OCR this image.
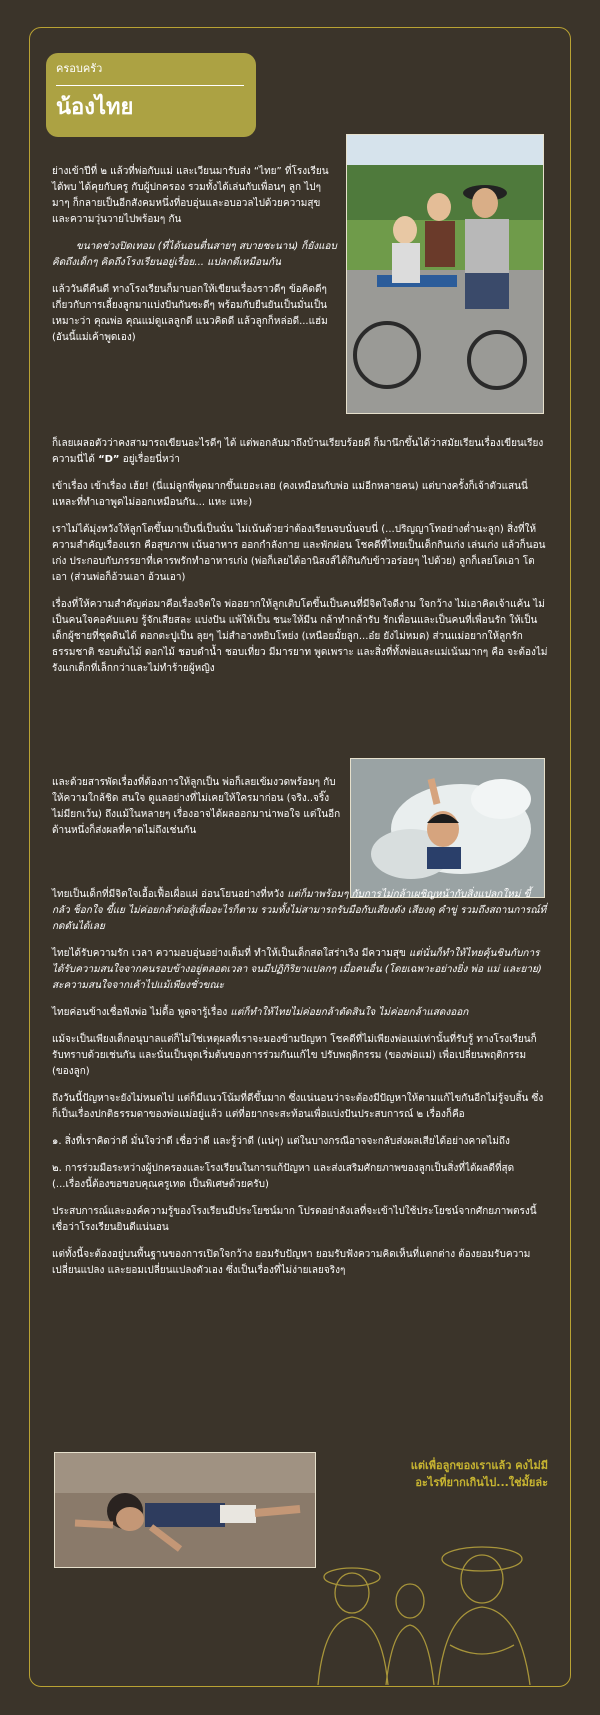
ครอบครัว
น้องไทย

ย่างเข้าปีที่ ๒ แล้วที่พ่อกับแม่ และเวียนมารับส่ง “ไทย” ที่โรงเรียน ได้พบ ได้คุยกับครู กับผู้ปกครอง รวมทั้งได้เล่นกับเพื่อนๆ ลูก ไปๆ มาๆ ก็กลายเป็นอีกสังคมหนึ่งที่อบอุ่นและอบอวลไปด้วยความสุข และความวุ่นวายไปพร้อมๆ กัน

ขนาดช่วงปิดเทอม (ที่ได้นอนตื่นสายๆ สบายชะนาน) ก็ยังแอบคิดถึงเด็กๆ คิดถึงโรงเรียนอยู่เรื่อย... แปลกดีเหมือนกัน

แล้ววันดีคืนดี ทางโรงเรียนก็มาบอกให้เขียนเรื่องราวดีๆ ข้อคิดดีๆ เกี่ยวกับการเลี้ยงลูกมาแบ่งปันกันซะดีๆ พร้อมกับยืนยันเป็นมั่นเป็นเหมาะว่า คุณพ่อ คุณแม่ดูแลลูกดี แนวคิดดี แล้วลูกก็หล่อดี...แฮ่ม (อันนี้แม่เค้าพูดเอง)

ก็เลยเผลอตัวว่าคงสามารถเขียนอะไรดีๆ ได้ แต่พอกลับมาถึงบ้านเรียบร้อยดี ก็มานึกขึ้นได้ว่าสมัยเรียนเรื่องเขียนเรียงความนี่ได้ “D” อยู่เรื่อยนี่หว่า

เข้าเรื่อง เข้าเรื่อง เฮ้ย! (นี่แม่ลูกพี่พูดมากขึ้นเยอะเลย (คงเหมือนกับพ่อ แม่อีกหลายคน) แต่บางครั้งก็เจ้าตัวแสนนี่แหละที่ทำเอาพูดไม่ออกเหมือนกัน... แหะ แหะ)

เราไม่ได้มุ่งหวังให้ลูกโตขึ้นมาเป็นนี่เป็นนั่น ไม่เน้นด้วยว่าต้องเรียนจบนั่นจบนี่ (...ปริญญาโทอย่างต่ำนะลูก) สิ่งที่ให้ความสำคัญเรื่องแรก คือสุขภาพ เน้นอาหาร ออกกำลังกาย และพักผ่อน โชคดีที่ไทยเป็นเด็กกินเก่ง เล่นเก่ง แล้วก็นอนเก่ง ประกอบกับภรรยาที่เคารพรักทำอาหารเก่ง (พ่อก็เลยได้อานิสงส์ได้กินกับข้าวอร่อยๆ ไปด้วย) ลูกก็เลยโตเอา โตเอา (ส่วนพ่อก็อ้วนเอา อ้วนเอา)

เรื่องที่ให้ความสำคัญต่อมาคือเรื่องจิตใจ พ่ออยากให้ลูกเติบโตขึ้นเป็นคนที่มีจิตใจดีงาม ใจกว้าง ไม่เอาคิดเจ้าแค้น ไม่เป็นคนใจคอคับแคบ รู้จักเสียสละ แบ่งปัน แพ้ให้เป็น ชนะให้มีน กล้าทำกล้ารับ รักเพื่อนและเป็นคนที่เพื่อนรัก ให้เป็นเด็กผู้ชายที่ชุดดินได้ ตอกตะปูเป็น ลุยๆ ไม่สำอางหยิบโหย่ง (เหนือยมั้ยลูก...อ๋ย ยังไม่หมด) ส่วนแม่อยากให้ลูกรักธรรมชาติ ชอบต้นไม้ ดอกไม้ ชอบดำน้ำ ชอบเที่ยว มีมารยาท พูดเพราะ และสิ่งที่ทั้งพ่อและแม่เน้นมากๆ คือ จะต้องไม่รังแกเด็กที่เล็กกว่าและไม่ทำร้ายผู้หญิง

และด้วยสารพัดเรื่องที่ต้องการให้ลูกเป็น พ่อก็เลยเข้มงวดพร้อมๆ กับให้ความใกล้ชิด สนใจ ดูแลอย่างที่ไม่เคยให้ใครมาก่อน (จริง..จริ๊ง ไม่มียกเว้น) ถึงแม้ในหลายๆ เรื่องอาจได้ผลออกมาน่าพอใจ แต่ในอีกด้านหนึ่งก็ส่งผลที่คาดไม่ถึงเช่นกัน

ไทยเป็นเด็กที่มีจิตใจเอื้อเฟื้อเผื่อแผ่ อ่อนโยนอย่างที่หวัง แต่ก็มาพร้อมๆ กับการไม่กล้าเผชิญหน้ากับสิ่งแปลกใหม่ ขี้กลัว ช็อกใจ ขี้แย ไม่ค่อยกล้าต่อสู้เพื่ออะไรก็ตาม รวมทั้งไม่สามารถรับมือกับเสียงดัง เสียงดุ คำขู่ รวมถึงสถานการณ์ที่กดดันได้เลย

ไทยได้รับความรัก เวลา ความอบอุ่นอย่างเต็มที่ ทำให้เป็นเด็กสดใสร่าเริง มีความสุข แต่นั่นก็ทำให้ไทยคุ้นชินกับการได้รับความสนใจจากคนรอบข้างอยู่ตลอดเวลา จนมีปฏิกิริยาแปลกๆ เมื่อคนอื่น (โดยเฉพาะอย่างยิ่ง พ่อ แม่ และยาย) สะความสนใจจากเค้าไปแม้เพียงชั่วขณะ

ไทยค่อนข้างเชื่อฟังพ่อ ไม่ดื้อ พูดจารู้เรื่อง แต่ก็ทำให้ไทยไม่ค่อยกล้าตัดสินใจ ไม่ค่อยกล้าแสดงออก

แม้จะเป็นเพียงเด็กอนุบาลแต่ก็ไม่ใช่เหตุผลที่เราจะมองข้ามปัญหา โชคดีที่ไม่เพียงพ่อแม่เท่านั้นที่รับรู้ ทางโรงเรียนก็รับทราบด้วยเช่นกัน และนั่นเป็นจุดเริ่มต้นของการร่วมกันแก้ไข ปรับพฤติกรรม (ของพ่อแม่) เพื่อเปลี่ยนพฤติกรรม (ของลูก)

ถึงวันนี้ปัญหาจะยังไม่หมดไป แต่ก็มีแนวโน้มที่ดีขึ้นมาก ซึ่งแน่นอนว่าจะต้องมีปัญหาให้ตามแก้ไขกันอีกไม่รู้จบสิ้น ซึ่งก็เป็นเรื่องปกติธรรมดาของพ่อแม่อยู่แล้ว แต่ที่อยากจะสะท้อนเพื่อแบ่งปันประสบการณ์ ๒ เรื่องก็คือ

๑. สิ่งที่เราคิดว่าดี มั่นใจว่าดี เชื่อว่าดี และรู้ว่าดี (แน่ๆ) แต่ในบางกรณีอาจจะกลับส่งผลเสียได้อย่างคาดไม่ถึง

๒. การร่วมมือระหว่างผู้ปกครองและโรงเรียนในการแก้ปัญหา และส่งเสริมศักยภาพของลูกเป็นสิ่งที่ได้ผลดีที่สุด (...เรื่องนี้ต้องขอขอบคุณครูเทด เป็นพิเศษด้วยครับ)

ประสบการณ์และองค์ความรู้ของโรงเรียนมีประโยชน์มาก โปรดอย่าลังเลที่จะเข้าไปใช้ประโยชน์จากศักยภาพตรงนี้ เชื่อว่าโรงเรียนยินดีแน่นอน

แต่ทั้งนี้จะต้องอยู่บนพื้นฐานของการเปิดใจกว้าง ยอมรับปัญหา ยอมรับฟังความคิดเห็นที่แตกต่าง ต้องยอมรับความเปลี่ยนแปลง และยอมเปลี่ยนแปลงตัวเอง ซึ่งเป็นเรื่องที่ไม่ง่ายเลยจริงๆ

แต่เพื่อลูกของเราแล้ว คงไม่มี
อะไรที่ยากเกินไป...ใช่มั้ยล่ะ
